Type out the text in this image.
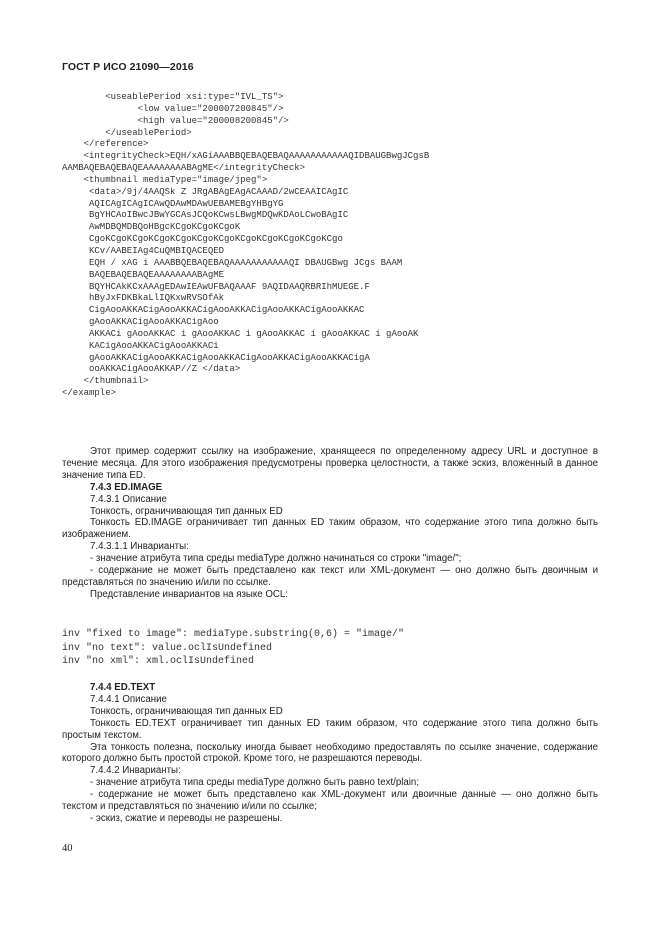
ГОСТ Р ИСО 21090—2016
<useablePeriod xsi:type="IVL_TS">
<low value="200007200845"/>
<high value="200008200845"/>
</useablePeriod>
</reference>
<integrityCheck>EQH/xAGiAAABBQEBAQEBAQAAAAAAAAAAAQIDBAUGBwgJCgsB
AAMBAQEBAQEBAQEAAAAAAAABAgME</integrityCheck>
<thumbnail mediaType="image/jpeg">
<data>/9j/4AAQSk Z JRgABAgEAgACAAAD/2wCEAAICAgIC
AQICAgICAgICAwQDAwMDAwUEBAMEBgYHBgYG
BgYHCAoIBwcJBwYGCAsJCQoKCwsLBwgMDQwKDAoLCwoBAgIC
AwMDBQMDBQoHBgcKCgoKCgoKCgoK
CgoKCgoKCgoKCgoKCgoKCgoKCgoKCgoKCgoKCgoKCgoKCgo
KCv/AABEIAg4CuQMBIQACEQED
EQH / xAG i AAABBQEBAQEBAQAAAAAAAAAAAQI DBAUGBwg JCgs BAAM
BAQEBAQEBAQEAAAAAAAABAgME
BQYHCAkKCxAAAgEDAwIEAwUFBAQAAAF 9AQIDAAQRBRIhMUEGE.F
hByJxFDKBkaLlIQKxwRVSOfAk
CigAooAKKACigAooAKKACigAooAKKACigAooAKKACigAooAKKAC
gAooAKKACigAooAKKACigAoo
AKKACi gAooAKKAC i gAooAKKAC i gAooAKKAC i gAooAKKAC i gAooAK
KACigAooAKKACigAooAKKACi
gAooAKKACigAooAKKACigAooAKKACigAooAKKACigAooAKKACigA
ooAKKACigAooAKKAP//Z </data>
</thumbnail>
</example>

Этот пример содержит ссылку на изображение, хранящееся по определенному адресу URL и доступное в течение месяца. Для этого изображения предусмотрены проверка целостности, а также эскиз, вложенный в данное значение типа ED.

7.4.3 ED.IMAGE

7.4.3.1 Описание

Тонкость, ограничивающая тип данных ED

Тонкость ED.IMAGE ограничивает тип данных ED таким образом, что содержание этого типа должно быть изображением.

7.4.3.1.1 Инварианты:

- значение атрибута типа среды mediaType должно начинаться со строки "image/";

- содержание не может быть представлено как текст или XML-документ — оно должно быть двоичным и представляться по значению и/или по ссылке.

Представление инвариантов на языке OCL:

inv "fixed to image": mediaType.substring(0,6) = "image/"
inv "no text": value.oclIsUndefined
inv "no xml": xml.oclIsUndefined

7.4.4 ED.TEXT

7.4.4.1 Описание

Тонкость, ограничивающая тип данных ED

Тонкость ED.TEXT ограничивает тип данных ED таким образом, что содержание этого типа должно быть простым текстом.

Эта тонкость полезна, поскольку иногда бывает необходимо предоставлять по ссылке значение, содержание которого должно быть простой строкой. Кроме того, не разрешаются переводы.

7.4.4.2 Инварианты:

- значение атрибута типа среды mediaType должно быть равно text/plain;

- содержание не может быть представлено как XML-документ или двоичные данные — оно должно быть текстом и представляться по значению и/или по ссылке;

- эскиз, сжатие и переводы не разрешены.

40
